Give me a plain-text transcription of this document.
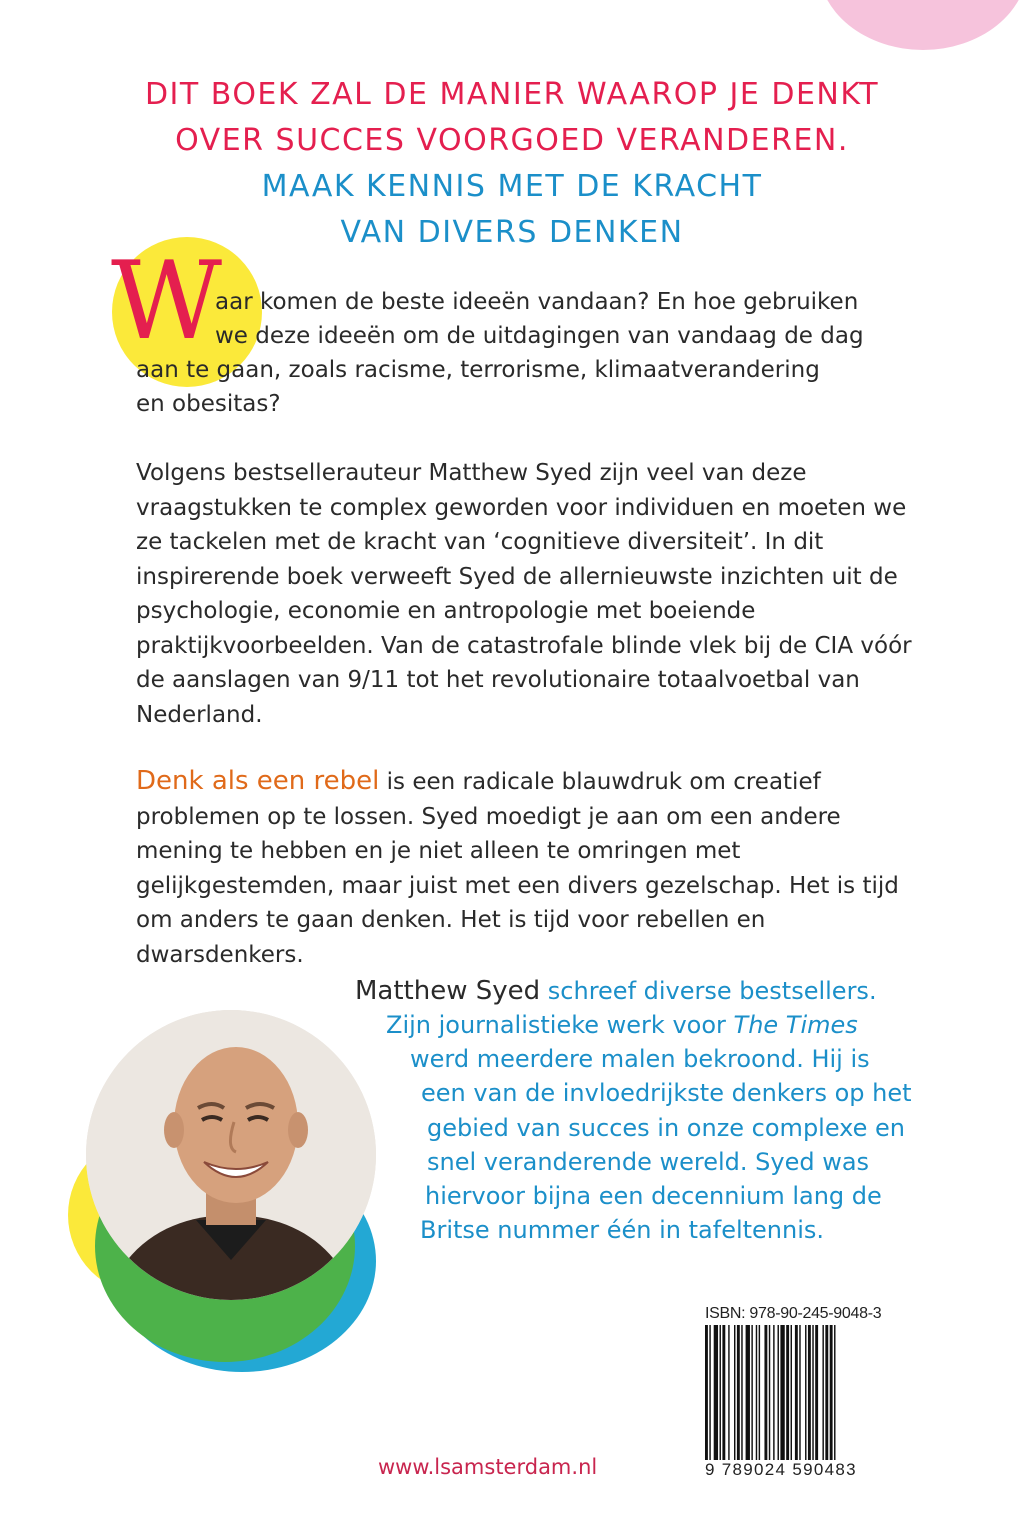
DIT BOEK ZAL DE MANIER WAAROP JE DENKT
OVER SUCCES VOORGOED VERANDEREN.
MAAK KENNIS MET DE KRACHT
VAN DIVERS DENKEN
W

aar komen de beste ideeën vandaan? En hoe gebruiken

we deze ideeën om de uitdagingen van vandaag de dag

aan te gaan, zoals racisme, terrorisme, klimaatverandering

en obesitas?

Volgens bestsellerauteur Matthew Syed zijn veel van deze vraagstukken te complex geworden voor individuen en moeten we ze tackelen met de kracht van ‘cognitieve diversiteit’. In dit inspirerende boek verweeft Syed de allernieuwste inzichten uit de psychologie, economie en antropologie met boeiende praktijkvoorbeelden. Van de catastrofale blinde vlek bij de CIA vóór de aanslagen van 9/11 tot het revolutionaire totaalvoetbal van Nederland.

Denk als een rebel is een radicale blauwdruk om creatief problemen op te lossen. Syed moedigt je aan om een andere mening te hebben en je niet alleen te omringen met gelijkgestemden, maar juist met een divers gezelschap. Het is tijd om anders te gaan denken. Het is tijd voor rebellen en dwarsdenkers.

Matthew Syed schreef diverse bestsellers.
Zijn journalistieke werk voor The Times
werd meerdere malen bekroond. Hij is
een van de invloedrijkste denkers op het
gebied van succes in onze complexe en
snel veranderende wereld. Syed was
hiervoor bijna een decennium lang de
Britse nummer één in tafeltennis.
ISBN: 978-90-245-9048-3
9 789024 590483
www.lsamsterdam.nl
